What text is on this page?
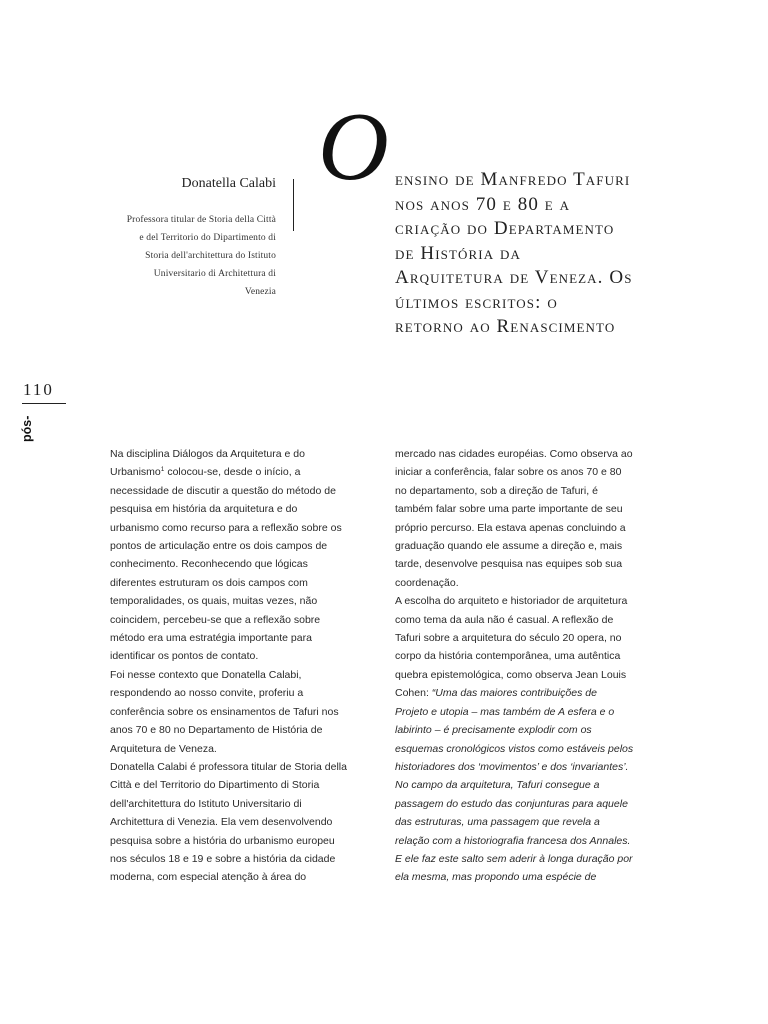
Donatella Calabi
Professora titular de Storia della Città
e del Territorio do Dipartimento di
Storia dell'architettura do Istituto
Universitario di Architettura di
Venezia
O ensino de Manfredo Tafuri
nos anos 70 e 80 e a
criação do Departamento
de História da
Arquitetura de Veneza. Os
últimos escritos: o
retorno ao Renascimento
110
pós-
Na disciplina Diálogos da Arquitetura e do
Urbanismo$^1$ colocou-se, desde o início, a
necessidade de discutir a questão do método de
pesquisa em história da arquitetura e do
urbanismo como recurso para a reflexão sobre os
pontos de articulação entre os dois campos de
conhecimento. Reconhecendo que lógicas
diferentes estruturam os dois campos com
temporalidades, os quais, muitas vezes, não
coincidem, percebeu-se que a reflexão sobre
método era uma estratégia importante para
identificar os pontos de contato.
Foi nesse contexto que Donatella Calabi,
respondendo ao nosso convite, proferiu a
conferência sobre os ensinamentos de Tafuri nos
anos 70 e 80 no Departamento de História de
Arquitetura de Veneza.
Donatella Calabi é professora titular de Storia della
Città e del Territorio do Dipartimento di Storia
dell'architettura do Istituto Universitario di
Architettura di Venezia. Ela vem desenvolvendo
pesquisa sobre a história do urbanismo europeu
nos séculos 18 e 19 e sobre a história da cidade
moderna, com especial atenção à área do
mercado nas cidades européias. Como observa ao
iniciar a conferência, falar sobre os anos 70 e 80
no departamento, sob a direção de Tafuri, é
também falar sobre uma parte importante de seu
próprio percurso. Ela estava apenas concluindo a
graduação quando ele assume a direção e, mais
tarde, desenvolve pesquisa nas equipes sob sua
coordenação.
A escolha do arquiteto e historiador de arquitetura
como tema da aula não é casual. A reflexão de
Tafuri sobre a arquitetura do século 20 opera, no
corpo da história contemporânea, uma autêntica
quebra epistemológica, como observa Jean Louis
Cohen: “Uma das maiores contribuições de
Projeto e utopia – mas também de A esfera e o
labirinto – é precisamente explodir com os
esquemas cronológicos vistos como estáveis pelos
historiadores dos ‘movimentos’ e dos ‘invariantes’.
No campo da arquitetura, Tafuri consegue a
passagem do estudo das conjunturas para aquele
das estruturas, uma passagem que revela a
relação com a historiografia francesa dos Annales.
E ele faz este salto sem aderir à longa duração por
ela mesma, mas propondo uma espécie de
